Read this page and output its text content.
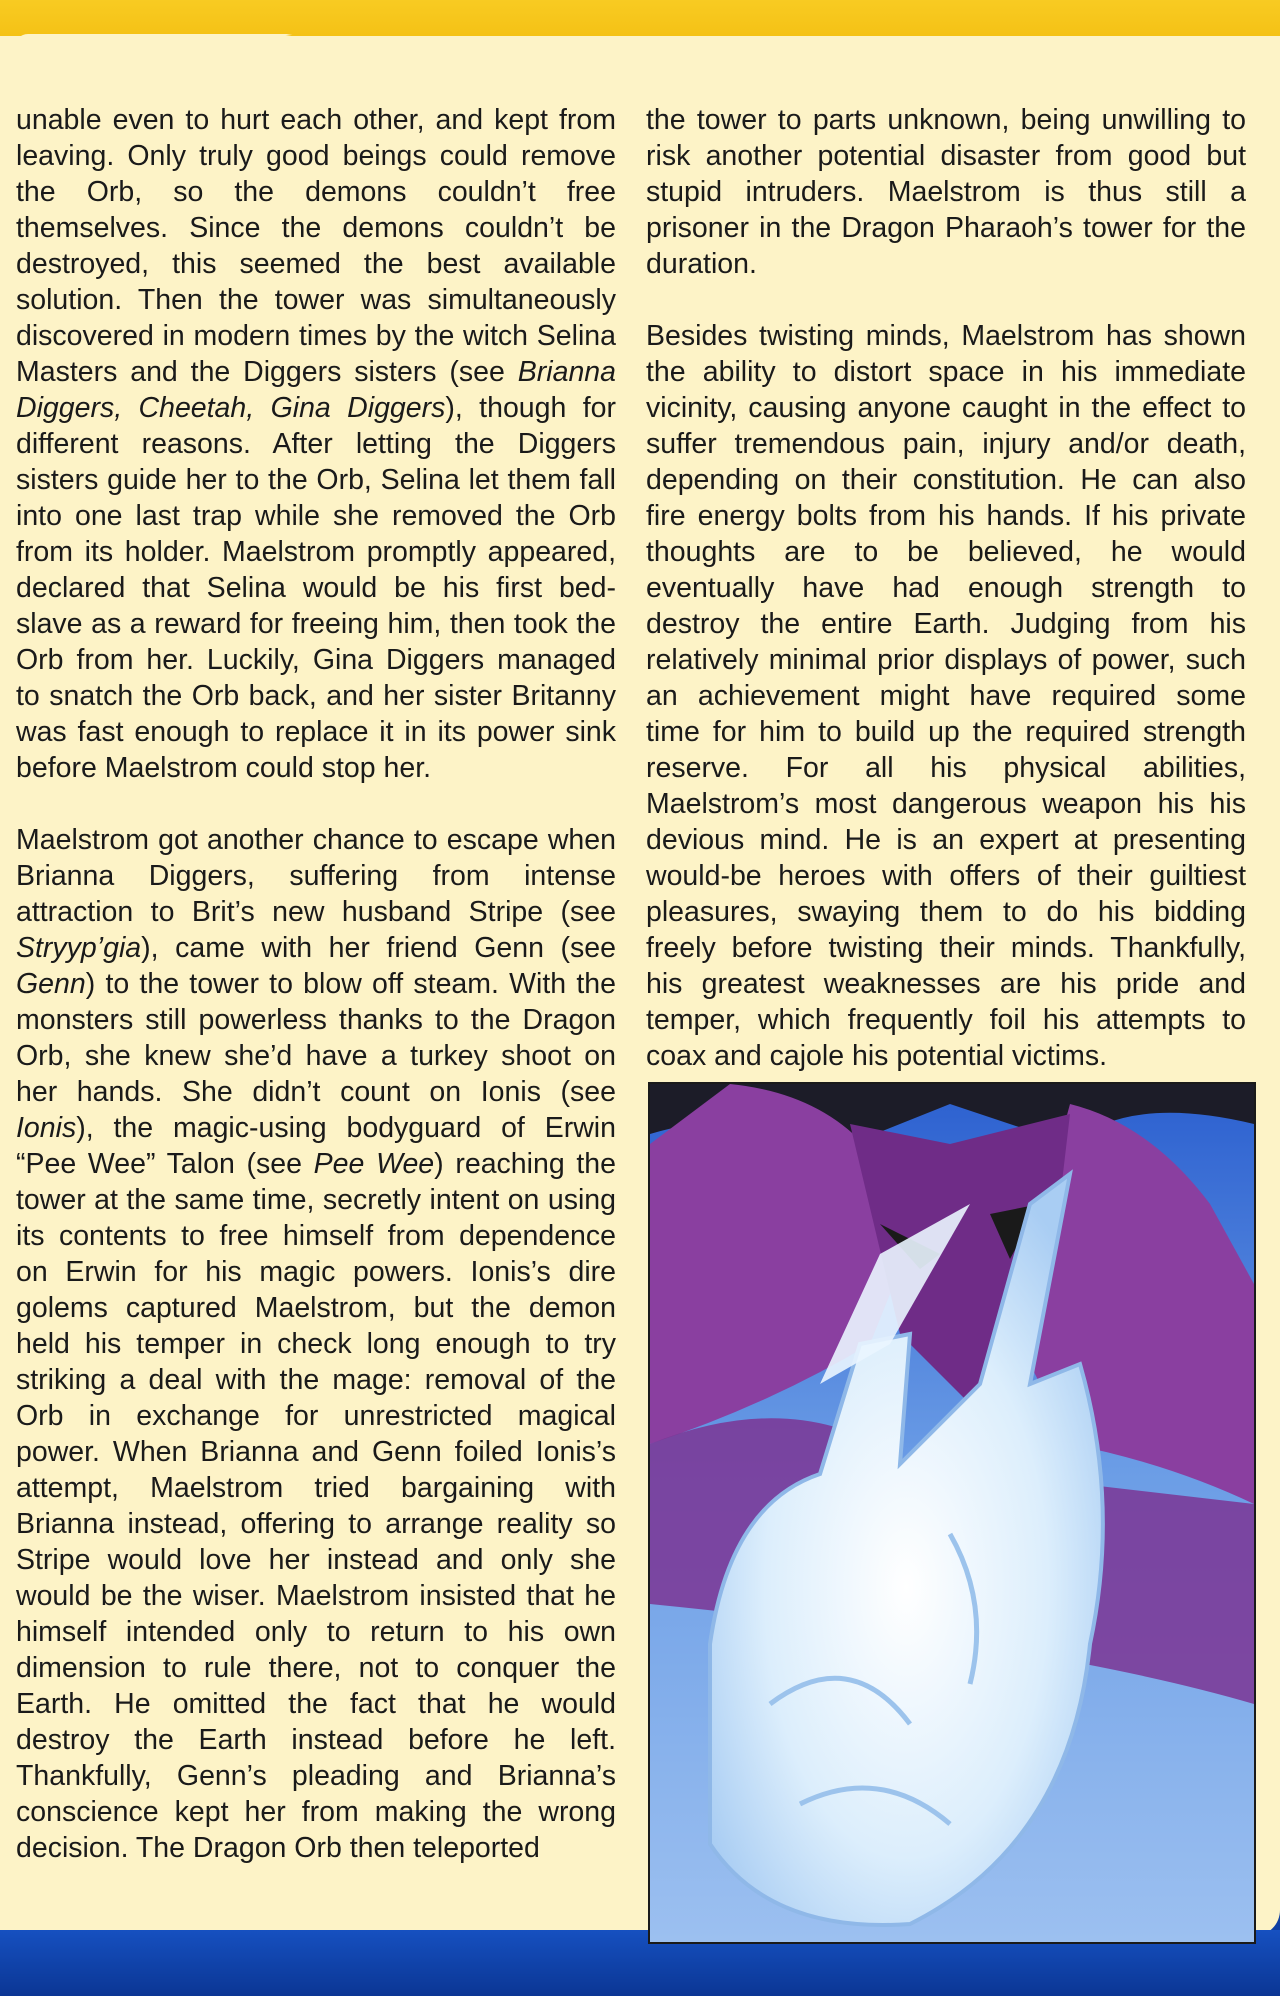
unable even to hurt each other, and kept from leaving. Only truly good beings could remove the Orb, so the demons couldn’t free themselves. Since the demons couldn’t be destroyed, this seemed the best available solution. Then the tower was simultaneously discovered in modern times by the witch Selina Masters and the Diggers sisters (see Brianna Diggers, Cheetah, Gina Diggers), though for different reasons. After letting the Diggers sisters guide her to the Orb, Selina let them fall into one last trap while she removed the Orb from its holder. Maelstrom promptly appeared, declared that Selina would be his first bed-slave as a reward for freeing him, then took the Orb from her. Luckily, Gina Diggers managed to snatch the Orb back, and her sister Britanny was fast enough to replace it in its power sink before Maelstrom could stop her.

Maelstrom got another chance to escape when Brianna Diggers, suffering from intense attraction to Brit’s new husband Stripe (see Stryyp’gia), came with her friend Genn (see Genn) to the tower to blow off steam. With the monsters still powerless thanks to the Dragon Orb, she knew she’d have a turkey shoot on her hands. She didn’t count on Ionis (see Ionis), the magic-using bodyguard of Erwin “Pee Wee” Talon (see Pee Wee) reaching the tower at the same time, secretly intent on using its contents to free himself from dependence on Erwin for his magic powers. Ionis’s dire golems captured Maelstrom, but the demon held his temper in check long enough to try striking a deal with the mage: removal of the Orb in exchange for unrestricted magical power. When Brianna and Genn foiled Ionis’s attempt, Maelstrom tried bargaining with Brianna instead, offering to arrange reality so Stripe would love her instead and only she would be the wiser. Maelstrom insisted that he himself intended only to return to his own dimension to rule there, not to conquer the Earth. He omitted the fact that he would destroy the Earth instead before he left. Thankfully, Genn’s pleading and Brianna’s conscience kept her from making the wrong decision. The Dragon Orb then teleported

the tower to parts unknown, being unwilling to risk another potential disaster from good but stupid intruders. Maelstrom is thus still a prisoner in the Dragon Pharaoh’s tower for the duration.

Besides twisting minds, Maelstrom has shown the ability to distort space in his immediate vicinity, causing anyone caught in the effect to suffer tremendous pain, injury and/or death, depending on their constitution. He can also fire energy bolts from his hands. If his private thoughts are to be believed, he would eventually have had enough strength to destroy the entire Earth. Judging from his relatively minimal prior displays of power, such an achievement might have required some time for him to build up the required strength reserve. For all his physical abilities, Maelstrom’s most dangerous weapon his his devious mind. He is an expert at presenting would-be heroes with offers of their guiltiest pleasures, swaying them to do his bidding freely before twisting their minds. Thankfully, his greatest weaknesses are his pride and temper, which frequently foil his attempts to coax and cajole his potential victims.
